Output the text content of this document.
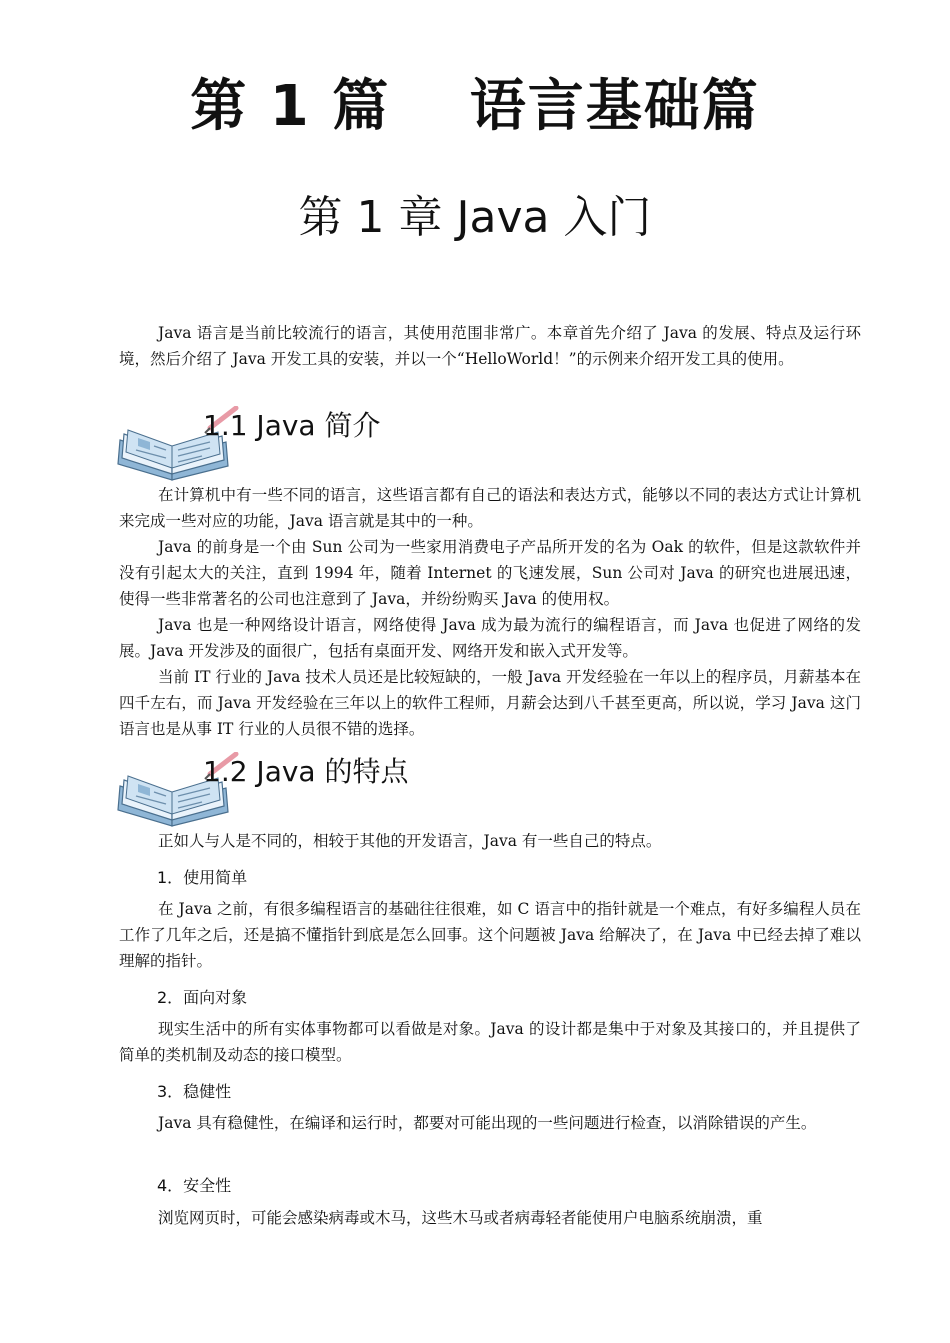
第 1 篇　 语言基础篇
第 1 章 Java 入门

Java 语言是当前比较流行的语言，其使用范围非常广。本章首先介绍了 Java 的发展、特点及运行环境，然后介绍了 Java 开发工具的安装，并以一个“HelloWorld！”的示例来介绍开发工具的使用。

1.1 Java 简介

在计算机中有一些不同的语言，这些语言都有自己的语法和表达方式，能够以不同的表达方式让计算机来完成一些对应的功能，Java 语言就是其中的一种。

Java 的前身是一个由 Sun 公司为一些家用消费电子产品所开发的名为 Oak 的软件，但是这款软件并没有引起太大的关注，直到 1994 年，随着 Internet 的飞速发展，Sun 公司对 Java 的研究也进展迅速，使得一些非常著名的公司也注意到了 Java，并纷纷购买 Java 的使用权。

Java 也是一种网络设计语言，网络使得 Java 成为最为流行的编程语言，而 Java 也促进了网络的发展。Java 开发涉及的面很广，包括有桌面开发、网络开发和嵌入式开发等。

当前 IT 行业的 Java 技术人员还是比较短缺的，一般 Java 开发经验在一年以上的程序员，月薪基本在四千左右，而 Java 开发经验在三年以上的软件工程师，月薪会达到八千甚至更高，所以说，学习 Java 这门语言也是从事 IT 行业的人员很不错的选择。

1.2 Java 的特点

正如人与人是不同的，相较于其他的开发语言，Java 有一些自己的特点。

1．使用简单

在 Java 之前，有很多编程语言的基础往往很难，如 C 语言中的指针就是一个难点，有好多编程人员在工作了几年之后，还是搞不懂指针到底是怎么回事。这个问题被 Java 给解决了，在 Java 中已经去掉了难以理解的指针。

2．面向对象

现实生活中的所有实体事物都可以看做是对象。Java 的设计都是集中于对象及其接口的，并且提供了简单的类机制及动态的接口模型。

3．稳健性

Java 具有稳健性，在编译和运行时，都要对可能出现的一些问题进行检查，以消除错误的产生。

4．安全性

浏览网页时，可能会感染病毒或木马，这些木马或者病毒轻者能使用户电脑系统崩溃，重
